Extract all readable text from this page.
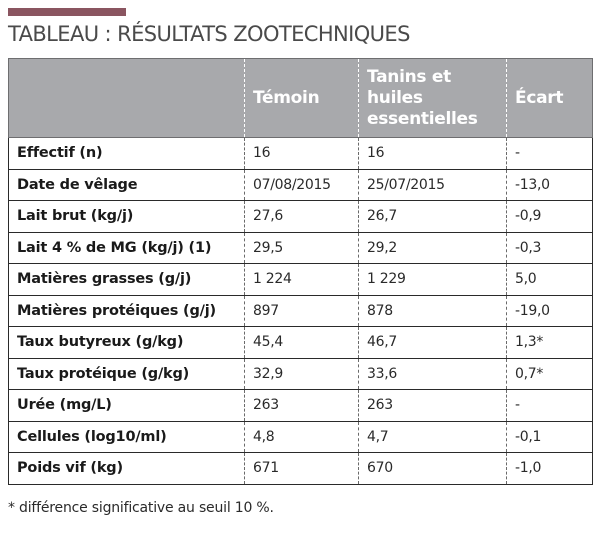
TABLEAU : RÉSULTATS ZOOTECHNIQUES
	Témoin	Tanins et huiles essentielles	Écart
Effectif (n)	16	16	-
Date de vêlage	07/08/2015	25/07/2015	-13,0
Lait brut (kg/j)	27,6	26,7	-0,9
Lait 4 % de MG (kg/j) (1)	29,5	29,2	-0,3
Matières grasses (g/j)	1 224	1 229	5,0
Matières protéiques (g/j)	897	878	-19,0
Taux butyreux (g/kg)	45,4	46,7	1,3*
Taux protéique (g/kg)	32,9	33,6	0,7*
Urée (mg/L)	263	263	-
Cellules (log10/ml)	4,8	4,7	-0,1
Poids vif (kg)	671	670	-1,0
* différence significative au seuil 10 %.
